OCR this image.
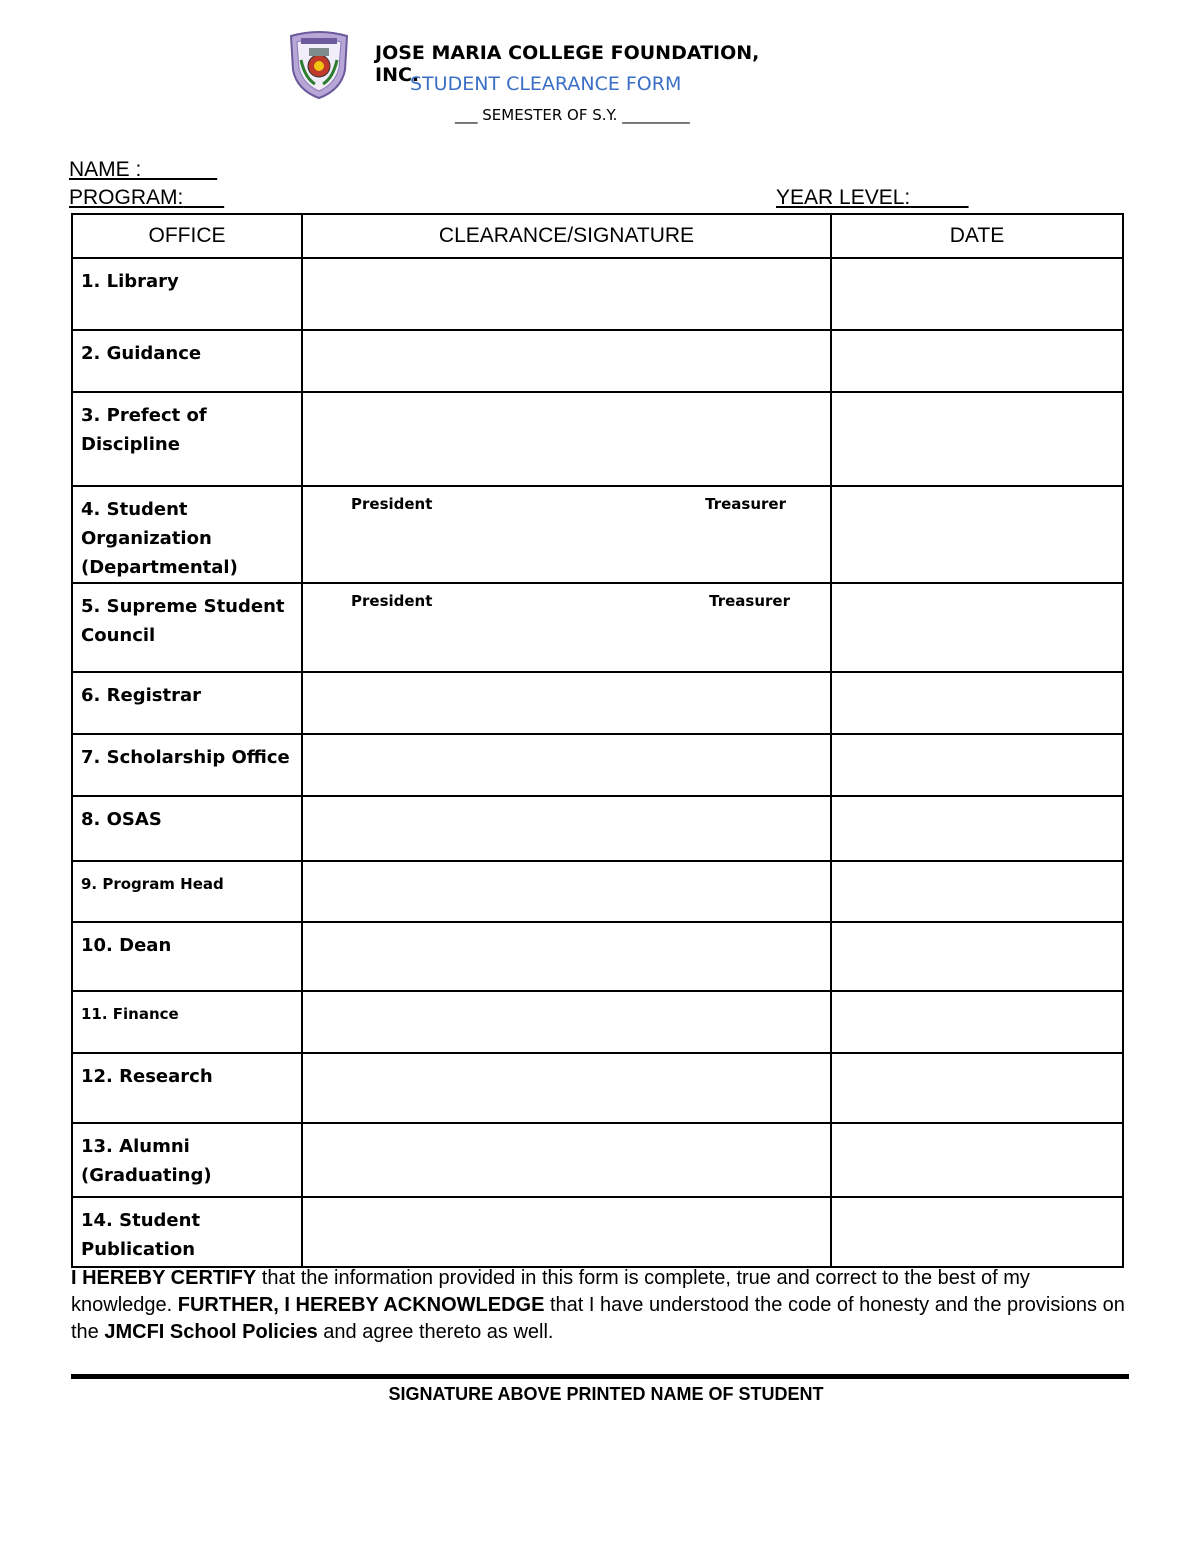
JOSE MARIA COLLEGE FOUNDATION, INC.
STUDENT CLEARANCE FORM
___ SEMESTER OF S.Y. _________
NAME : _
PROGRAM:	YEAR LEVEL:
OFFICE	CLEARANCE/SIGNATURE	DATE
1. Library		
2. Guidance		
3. Prefect of Discipline		
4. Student Organization (Departmental)	President Treasurer	

5. Supreme Student Council	President Treasurer	

6. Registrar		
7. Scholarship Office		
8. OSAS		
9. Program Head		
10. Dean		
11. Finance		
12. Research		
13. Alumni (Graduating)		
14. Student Publication		
I HEREBY CERTIFY that the information provided in this form is complete, true and correct to the best of my knowledge. FURTHER, I HEREBY ACKNOWLEDGE that I have understood the code of honesty and the provisions on the JMCFI School Policies and agree thereto as well.
SIGNATURE ABOVE PRINTED NAME OF STUDENT
